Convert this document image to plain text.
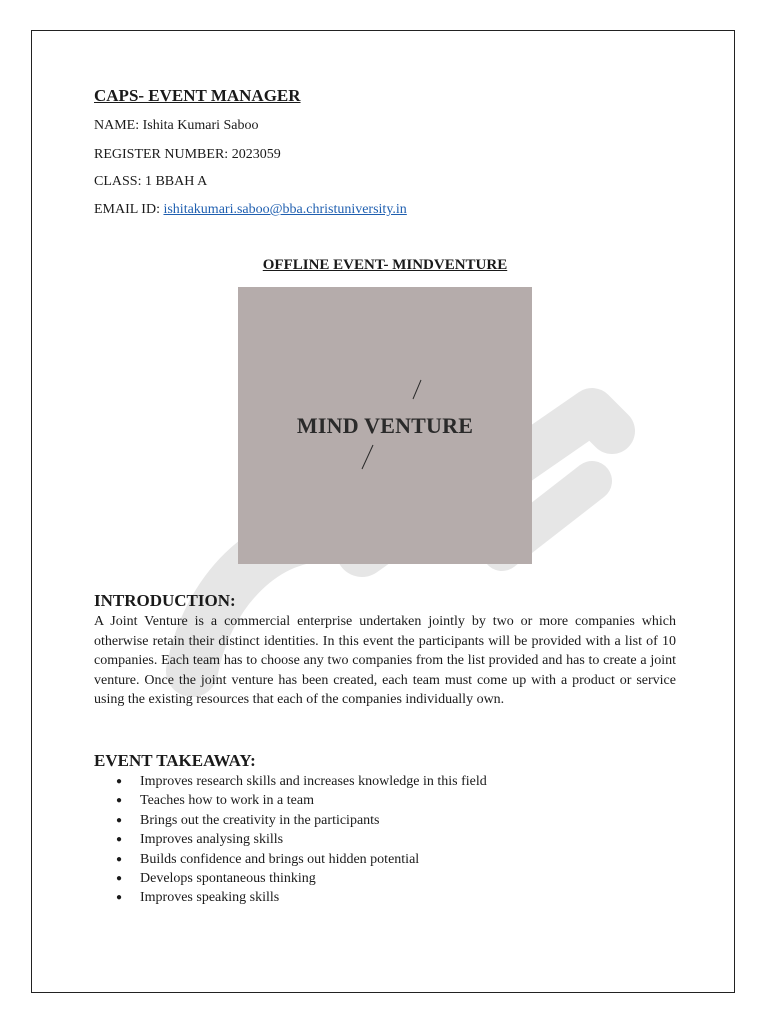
CAPS- EVENT MANAGER
NAME: Ishita Kumari Saboo
REGISTER NUMBER: 2023059
CLASS: 1 BBAH A
EMAIL ID: ishitakumari.saboo@bba.christuniversity.in
OFFLINE EVENT- MINDVENTURE
MIND VENTURE
INTRODUCTION:

A Joint Venture is a commercial enterprise undertaken jointly by two or more companies which otherwise retain their distinct identities. In this event the participants will be provided with a list of 10 companies. Each team has to choose any two companies from the list provided and has to create a joint venture. Once the joint venture has been created, each team must come up with a product or service using the existing resources that each of the companies individually own.

EVENT TAKEAWAY:
● Improves research skills and increases knowledge in this field
● Teaches how to work in a team
● Brings out the creativity in the participants
● Improves analysing skills
● Builds confidence and brings out hidden potential
● Develops spontaneous thinking
● Improves speaking skills
